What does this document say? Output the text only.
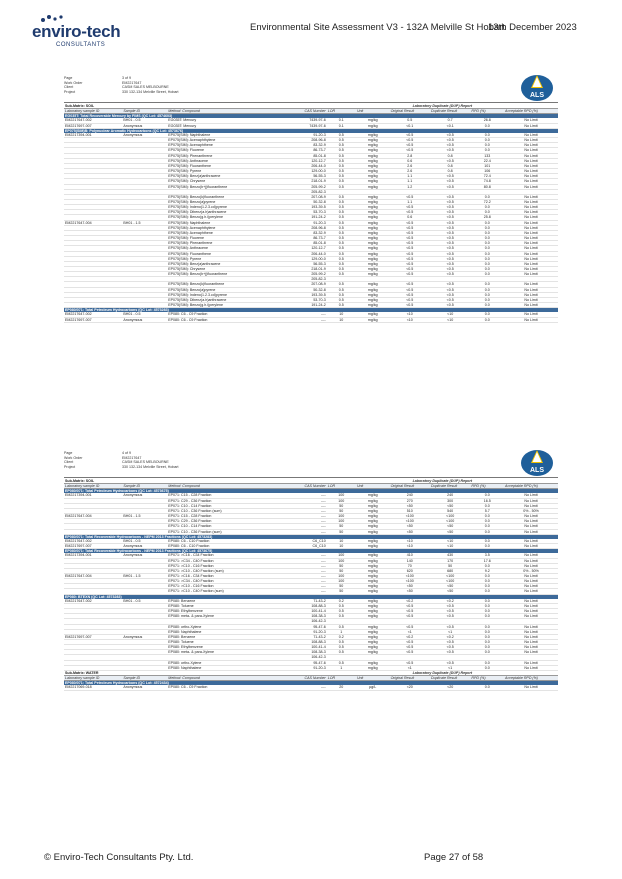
enviro-tech
CONSULTANTS
Environmental Site Assessment V3 - 132A Melville St Hobart
13th December 2023
Page	3 of 9
Work Order	EM2217647
Client	CASM SALES MELBOURNE
Project	330 132-134 Melville Street, Hobart
ALS
Sub-Matrix: SOIL				Laboratory Duplicate (DUP) Report					
Laboratory sample ID	Sample ID	Method: Compound	CAS Number	LOR	Unit	Original Result	Duplicate Result	RPD (%)	Acceptable RPD (%)
EG035T: Total Recoverable Mercury by FIMS (QC Lot: 4574603)									
EM2217647-002	BH01 - 0.5	EG035T: Mercury	7439-97-6	0.1	mg/kg	0.5	0.7	26.8	No Limit
EM2217697-007	Anonymous	EG035T: Mercury	7439-97-6	0.1	mg/kg	<0.1	<0.1	0.0	No Limit
EP075(SIM)B: Polynuclear Aromatic Hydrocarbons (QC Lot: 4573676)									
EM2217394-001	Anonymous	EP075(SIM): Naphthalene	91-20-3	0.5	mg/kg	<0.5	<0.5	0.0	No Limit
		EP075(SIM): Acenaphthylene	208-96-8	0.5	mg/kg	<0.5	<0.5	0.0	No Limit
		EP075(SIM): Acenaphthene	83-32-9	0.5	mg/kg	<0.5	<0.5	0.0	No Limit
		EP075(SIM): Fluorene	86-73-7	0.5	mg/kg	<0.5	<0.5	0.0	No Limit
		EP075(SIM): Phenanthrene	85-01-8	0.5	mg/kg	2.8	0.8	133	No Limit
		EP075(SIM): Anthracene	120-12-7	0.5	mg/kg	0.6	<0.5	22.4	No Limit
		EP075(SIM): Fluoranthene	206-44-0	0.5	mg/kg	2.6	0.8	101	No Limit
		EP075(SIM): Pyrene	129-00-0	0.5	mg/kg	2.6	0.8	106	No Limit
		EP075(SIM): Benz(a)anthracene	56-55-3	0.5	mg/kg	1.1	<0.5	72.4	No Limit
		EP075(SIM): Chrysene	218-01-9	0.5	mg/kg	1.1	<0.5	74.8	No Limit
		EP075(SIM): Benzo(b+j)fluoranthene	205-99-2	0.5	mg/kg	1.2	<0.5	80.8	No Limit
			205-82-3						
		EP075(SIM): Benzo(k)fluoranthene	207-08-9	0.5	mg/kg	<0.5	<0.5	0.0	No Limit
		EP075(SIM): Benzo(a)pyrene	50-32-8	0.5	mg/kg	1.1	<0.5	72.2	No Limit
		EP075(SIM): Indeno(1.2.3.cd)pyrene	193-39-5	0.5	mg/kg	<0.5	<0.5	0.0	No Limit
		EP075(SIM): Dibenz(a.h)anthracene	53-70-3	0.5	mg/kg	<0.5	<0.5	0.0	No Limit
		EP075(SIM): Benzo(g.h.i)perylene	191-24-2	0.5	mg/kg	0.6	<0.5	25.8	No Limit
EM2217647-004	BH01 - 1.5	EP075(SIM): Naphthalene	91-20-3	0.5	mg/kg	<0.5	<0.5	0.0	No Limit
		EP075(SIM): Acenaphthylene	208-96-8	0.5	mg/kg	<0.5	<0.5	0.0	No Limit
		EP075(SIM): Acenaphthene	83-32-9	0.5	mg/kg	<0.5	<0.5	0.0	No Limit
		EP075(SIM): Fluorene	86-73-7	0.5	mg/kg	<0.5	<0.5	0.0	No Limit
		EP075(SIM): Phenanthrene	85-01-8	0.5	mg/kg	<0.5	<0.5	0.0	No Limit
		EP075(SIM): Anthracene	120-12-7	0.5	mg/kg	<0.5	<0.5	0.0	No Limit
		EP075(SIM): Fluoranthene	206-44-0	0.5	mg/kg	<0.5	<0.5	0.0	No Limit
		EP075(SIM): Pyrene	129-00-0	0.5	mg/kg	<0.5	<0.5	0.0	No Limit
		EP075(SIM): Benz(a)anthracene	56-55-3	0.5	mg/kg	<0.5	<0.5	0.0	No Limit
		EP075(SIM): Chrysene	218-01-9	0.5	mg/kg	<0.5	<0.5	0.0	No Limit
		EP075(SIM): Benzo(b+j)fluoranthene	205-99-2	0.5	mg/kg	<0.5	<0.5	0.0	No Limit
			205-82-3						
		EP075(SIM): Benzo(k)fluoranthene	207-08-9	0.5	mg/kg	<0.5	<0.5	0.0	No Limit
		EP075(SIM): Benzo(a)pyrene	50-32-8	0.5	mg/kg	<0.5	<0.5	0.0	No Limit
		EP075(SIM): Indeno(1.2.3.cd)pyrene	193-39-5	0.5	mg/kg	<0.5	<0.5	0.0	No Limit
		EP075(SIM): Dibenz(a.h)anthracene	53-70-3	0.5	mg/kg	<0.5	<0.5	0.0	No Limit
		EP075(SIM): Benzo(g.h.i)perylene	191-24-2	0.5	mg/kg	<0.5	<0.5	0.0	No Limit
EP080/071: Total Petroleum Hydrocarbons (QC Lot: 4573283)									
EM2217647-002	BH01 - 0.5	EP080: C6 - C9 Fraction	----	10	mg/kg	<10	<10	0.0	No Limit
EM2217697-007	Anonymous	EP080: C6 - C9 Fraction	----	10	mg/kg	<10	<10	0.0	No Limit
Page	4 of 9
Work Order	EM2217647
Client	CASM SALES MELBOURNE
Project	330 132-134 Melville Street, Hobart
ALS
Sub-Matrix: SOIL				Laboratory Duplicate (DUP) Report					
Laboratory sample ID	Sample ID	Method: Compound	CAS Number	LOR	Unit	Original Result	Duplicate Result	RPD (%)	Acceptable RPD (%)
EP080/071: Total Petroleum Hydrocarbons (QC Lot: 4573675)									
EM2217394-001	Anonymous	EP071: C15 - C28 Fraction	----	100	mg/kg	240	240	0.0	No Limit
		EP071: C29 - C36 Fraction	----	100	mg/kg	270	300	16.5	No Limit
		EP071: C10 - C14 Fraction	----	50	mg/kg	<50	<50	0.0	No Limit
		EP071: C10 - C36 Fraction (sum)	----	50	mg/kg	510	540	5.7	0% - 50%
EM2217647-004	BH01 - 1.5	EP071: C15 - C28 Fraction	----	100	mg/kg	<100	<100	0.0	No Limit
		EP071: C29 - C36 Fraction	----	100	mg/kg	<100	<100	0.0	No Limit
		EP071: C10 - C14 Fraction	----	50	mg/kg	<50	<50	0.0	No Limit
		EP071: C10 - C36 Fraction (sum)	----	50	mg/kg	<50	<50	0.0	No Limit
EP080/071: Total Recoverable Hydrocarbons - NEPM 2013 Fractions (QC Lot: 4573283)									
EM2217647-002	BH01 - 0.5	EP080: C6 - C10 Fraction	C6_C10	10	mg/kg	<10	<10	0.0	No Limit
EM2217697-007	Anonymous	EP080: C6 - C10 Fraction	C6_C10	10	mg/kg	<10	<10	0.0	No Limit
EP080/071: Total Recoverable Hydrocarbons - NEPM 2013 Fractions (QC Lot: 4573675)									
EM2217394-001	Anonymous	EP071: >C16 - C34 Fraction	----	100	mg/kg	410	430	3.5	No Limit
		EP071: >C34 - C40 Fraction	----	100	mg/kg	140	170	17.6	No Limit
		EP071: >C10 - C16 Fraction	----	50	mg/kg	70	50	0.0	No Limit
		EP071: >C10 - C40 Fraction (sum)	----	50	mg/kg	620	680	9.2	0% - 50%
EM2217647-004	BH01 - 1.5	EP071: >C16 - C34 Fraction	----	100	mg/kg	<100	<100	0.0	No Limit
		EP071: >C34 - C40 Fraction	----	100	mg/kg	<100	<100	0.0	No Limit
		EP071: >C10 - C16 Fraction	----	50	mg/kg	<50	<50	0.0	No Limit
		EP071: >C10 - C40 Fraction (sum)	----	50	mg/kg	<50	<50	0.0	No Limit
EP080: BTEXN (QC Lot: 4573283)									
EM2217647-002	BH01 - 0.5	EP080: Benzene	71-43-2	0.2	mg/kg	<0.2	<0.2	0.0	No Limit
		EP080: Toluene	108-88-3	0.5	mg/kg	<0.5	<0.5	0.0	No Limit
		EP080: Ethylbenzene	100-41-4	0.5	mg/kg	<0.5	<0.5	0.0	No Limit
		EP080: meta- & para-Xylene	108-38-3	0.5	mg/kg	<0.5	<0.5	0.0	No Limit
			106-42-3						
		EP080: ortho-Xylene	95-47-6	0.5	mg/kg	<0.5	<0.5	0.0	No Limit
		EP080: Naphthalene	91-20-3	1	mg/kg	<1	<1	0.0	No Limit
EM2217697-007	Anonymous	EP080: Benzene	71-43-2	0.2	mg/kg	<0.2	<0.2	0.0	No Limit
		EP080: Toluene	108-88-3	0.5	mg/kg	<0.5	<0.5	0.0	No Limit
		EP080: Ethylbenzene	100-41-4	0.5	mg/kg	<0.5	<0.5	0.0	No Limit
		EP080: meta- & para-Xylene	108-38-3	0.5	mg/kg	<0.5	<0.5	0.0	No Limit
			106-42-3						
		EP080: ortho-Xylene	95-47-6	0.5	mg/kg	<0.5	<0.5	0.0	No Limit
		EP080: Naphthalene	91-20-3	1	mg/kg	<1	<1	0.0	No Limit
Sub-Matrix: WATER				Laboratory Duplicate (DUP) Report					
Laboratory sample ID	Sample ID	Method: Compound	CAS Number	LOR	Unit	Original Result	Duplicate Result	RPD (%)	Acceptable RPD (%)
EP080/071: Total Petroleum Hydrocarbons (QC Lot: 4572434)									
EM2217069-018	Anonymous	EP080: C6 - C9 Fraction	----	20	µg/L	<20	<20	0.0	No Limit
© Enviro-Tech Consultants Pty. Ltd.	Page 27 of 58
